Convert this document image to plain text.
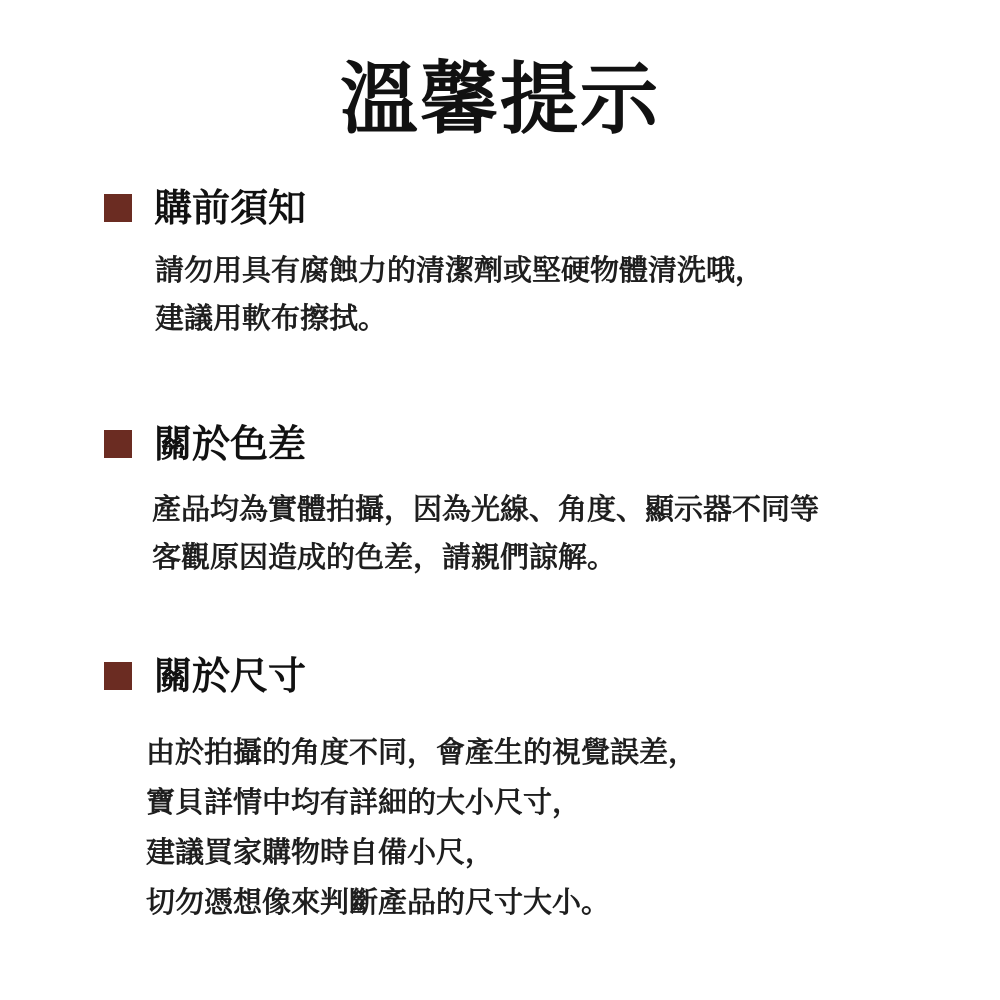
溫馨提示
購前須知
請勿用具有腐蝕力的清潔劑或堅硬物體清洗哦，
建議用軟布擦拭。
關於色差
產品均為實體拍攝，因為光線、角度、顯示器不同等
客觀原因造成的色差，請親們諒解。
關於尺寸
由於拍攝的角度不同，會產生的視覺誤差，
寶貝詳情中均有詳細的大小尺寸，
建議買家購物時自備小尺，
切勿憑想像來判斷產品的尺寸大小。
